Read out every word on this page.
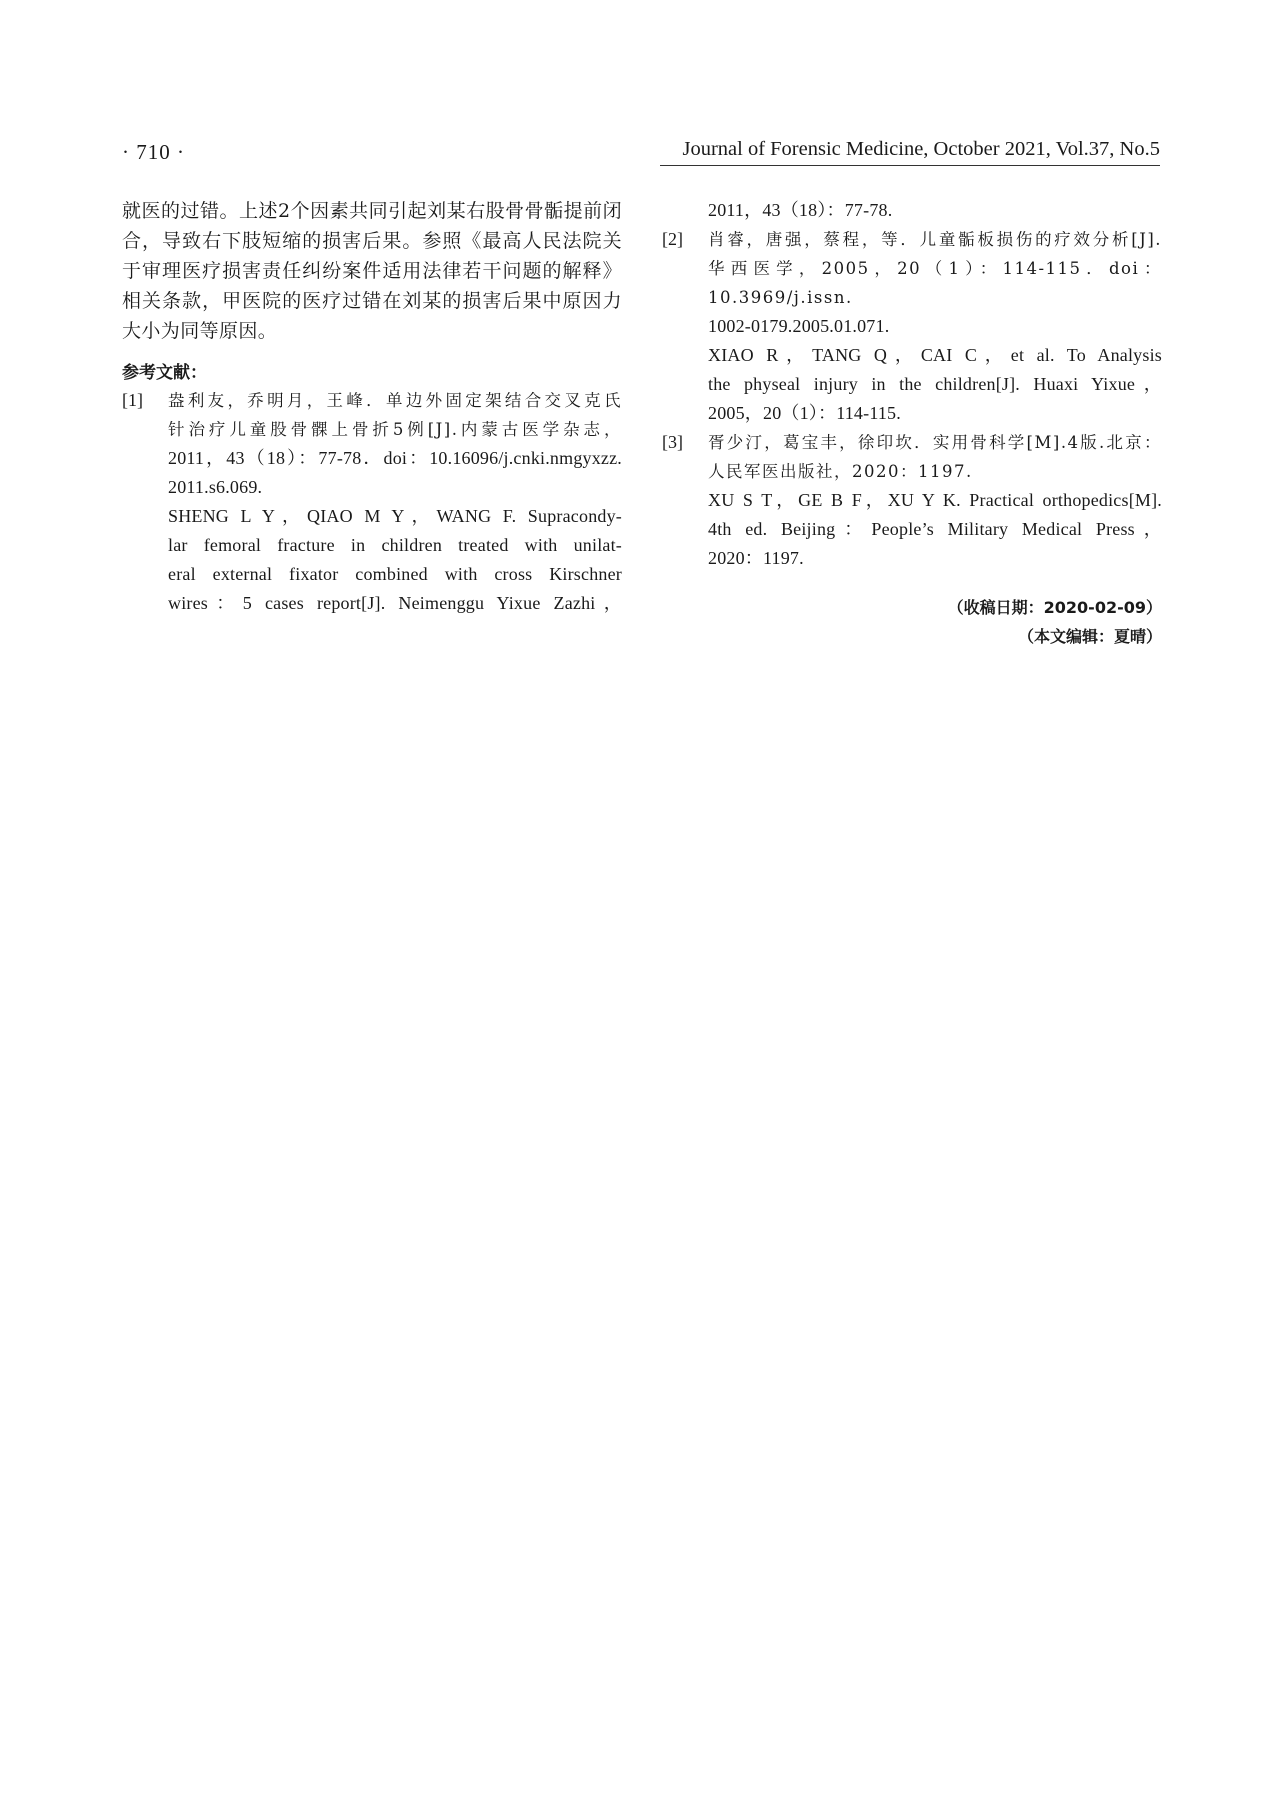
· 710 ·	Journal of Forensic Medicine, October 2021, Vol.37, No.5
就医的过错。上述2个因素共同引起刘某右股骨骨骺提前闭合，导致右下肢短缩的损害后果。参照《最高人民法院关于审理医疗损害责任纠纷案件适用法律若干问题的解释》相关条款，甲医院的医疗过错在刘某的损害后果中原因力大小为同等原因。
参考文献：
[1]	盎利友，乔明月，王峰．单边外固定架结合交叉克氏

针治疗儿童股骨髁上骨折5例[J].内蒙古医学杂志，

2011，43（18）：77-78．doi：10.16096/j.cnki.nmgyxzz.

2011.s6.069.

SHENG L Y，QIAO M Y，WANG F. Supracondy-

lar femoral fracture in children treated with unilat-

eral external fixator combined with cross Kirschner

wires：5 cases report[J]. Neimenggu Yixue Zazhi，

2011，43（18）：77-78.

[2]	肖睿，唐强，蔡程，等．儿童骺板损伤的疗效分析[J].

华西医学，2005，20（1）：114-115．doi：10.3969/j.issn.

1002-0179.2005.01.071.

XIAO R，TANG Q，CAI C，et al. To Analysis

the physeal injury in the children[J]. Huaxi Yixue，

2005，20（1）：114-115.

[3]	胥少汀，葛宝丰，徐印坎．实用骨科学[M].4版.北京：

人民军医出版社，2020：1197.

XU S T，GE B F，XU Y K. Practical orthopedics[M].

4th ed. Beijing：People’s Military Medical Press，

2020：1197.

（收稿日期：2020-02-09）
（本文编辑：夏晴）
